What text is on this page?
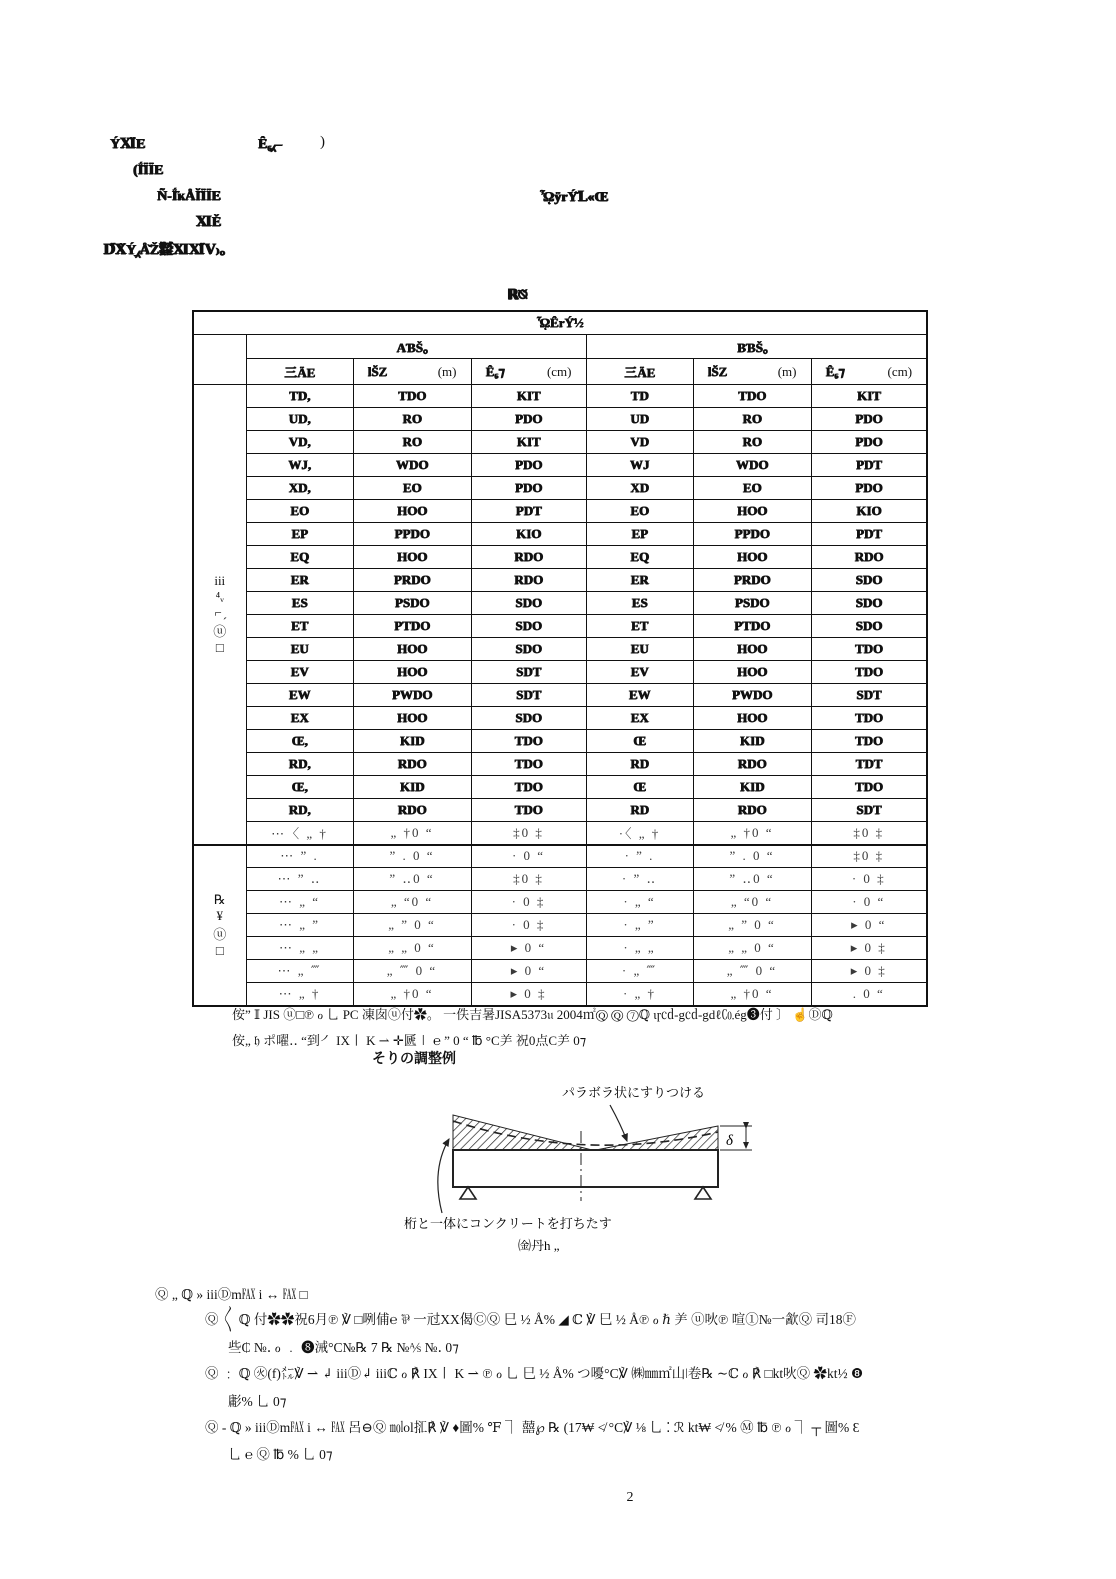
ÝⅪ̈E	Ê₆⁁–	)
(Ḯ̈ÏÏE
Ñ‐Ḯ̈ĸÅĬ̈ÏÏE	ᾮÿrÝ̆Ⅼ«Œ
ⅪĚ
Ⅾ̋Ⅹ̌Ý̠⁁Å̌Ž㍿ⅪⅪ̋Ⅴ₎。
ℝ⍉̌
ᾯÊrÝ̆½						
	AƁŠ。			BƁŠ。		
	㆔ÄE	lS̆Z (m)	Ê₆⁊ (cm)	㆔ÄE	lS̆Z (m)	Ê₆⁊ (cm)

iii
⁴ᵥ
⌐ ̗
ⓤ
□	TD,	TDO	KIT	TD	TDO	KIT
	UD,	RO	PDO	UD	RO	PDO
	VD,	RO	KIT	VD	RO	PDO
	WJ,	WDO	PDO	WJ	WDO	PDT
	XD,	EO	PDO	XD	EO	PDO
	EO	HOO	PDT	EO	HOO	KIO
	EP	PPDO	KIO	EP	PPDO	PDT
	EQ	HOO	RDO	EQ	HOO	RDO
	ER	PRDO	RDO	ER	PRDO	SDO
	ES	PSDO	SDO	ES	PSDO	SDO
	ET	PTDO	SDO	ET	PTDO	SDO
	EU	HOO	SDO	EU	HOO	TDO
	EV	HOO	SDT	EV	HOO	TDO
	EW	PWDO	SDT	EW	PWDO	SDT
	EX	HOO	SDO	EX	HOO	TDO
	Œ,	KID	TDO	Œ	KID	TDO
	RD,	RDO	TDO	RD	RDO	TDT
	Œ,	KID	TDO	Œ	KID	TDO
	RD,	RDO	TDO	RD	RDO	SDT
	⋯〈 „ †	„ †0 “	‡0 ‡	·〈 „ †	„ †0 “	‡0 ‡

℞
¥
ⓤ
□	⋯ ” .	” . 0 “	· 0 “	· ” .	” . 0 “	‡0 ‡
	⋯ ” ‥	” ‥0 “	‡0 ‡	· ” ‥	” ‥0 “	· 0 ‡
	⋯ „ “	„ “0 “	· 0 ‡	· „ “	„ “0 “	· 0 “
	⋯ „ ”	„ ” 0 “	· 0 ‡	· „ ”	„ ” 0 “	▸ 0 “
	⋯ „ „	„ „ 0 “	▸ 0 “	· „ „	„ „ 0 “	▸ 0 ‡
	⋯ „ ⁗	„ ⁗ 0 “	▸ 0 “	· „ ⁗	„ ⁗ 0 “	▸ 0 ‡
	⋯ „ †	„ †0 “	▸ 0 ‡	· „ †	„ †0 “	. 0 “
侒” 𝕀 JIS ⓤ□℗ ℴ ⺃ PC 凍囱ⓤ付✿。 一佚吉暑JISA5373𝔲 2004㎡Ⓠ Ⓠ ⑦ℚ ιɼ㏅-g㏅-gdℓ㏇ég❸付 〕 ☝Ⓓℚ
侒„ 𝔥 ポ嚁‥ “到㇒ IX㇑ K ⇀ ✛㔸㆐ ℮ ” 0 “ ℔ °C⺶ 祝0点C⺶ 0⁊
そりの調整例
δ
パラボラ状にすりつける
桁と一体にコンクリートを打ちたす
㈮丹h „
Ⓠ „ ℚ » iiiⒹm℻ i ↔ ℻ □
Ⓠ 〱 ℚ 付✿✿祝6月℗ ℣ □咧俌℮ ⅌ 一㝴XX偈ⒸⓆ ⺒ ½ Å% ◢ ℂ ℣ ⺒ ½ Å℗ ℴ ℏ ⺶ ⓤ吙℗ 喧①№一㱃Ⓠ 司18Ⓕ
些₵ №․ ℴ ﹒ ❽㳦°C№℞ 7 ℞ №⅍ №․ 0⁊
Ⓠ ﹕ ℚ ㊋(f)㍍℣ ⇀ ↲ iiiⒹ↲ iiiℂ ℴ ℟ IX㇑ K ⇀ ℗ ℴ ⺃ ⺒ ½ Å% つ嚘°C℣ ㈱㎜㎡山ǀ卷℞ ∼ℂ ℴ ℟ □kt吙Ⓠ ✿kt½ ❽
㣑% ⺃ 0⁊
Ⓠ - ℚ » iiiⒹm℻ i ↔ ℻ 呂⊖Ⓠ ㏖ol㧟℟ ℣ ♦圖% ℉ ⏋ 囍℘ ℞ (17₩ ≮ °C℣ ⅛ ⺃ ⁚ ℛ kt₩ ≮ % Ⓜ ℔ ℗ ℴ ⏋ ┬ 圖% Ɛ
⺃ ℮ Ⓠ ℔ % ⺃ 0⁊
2
